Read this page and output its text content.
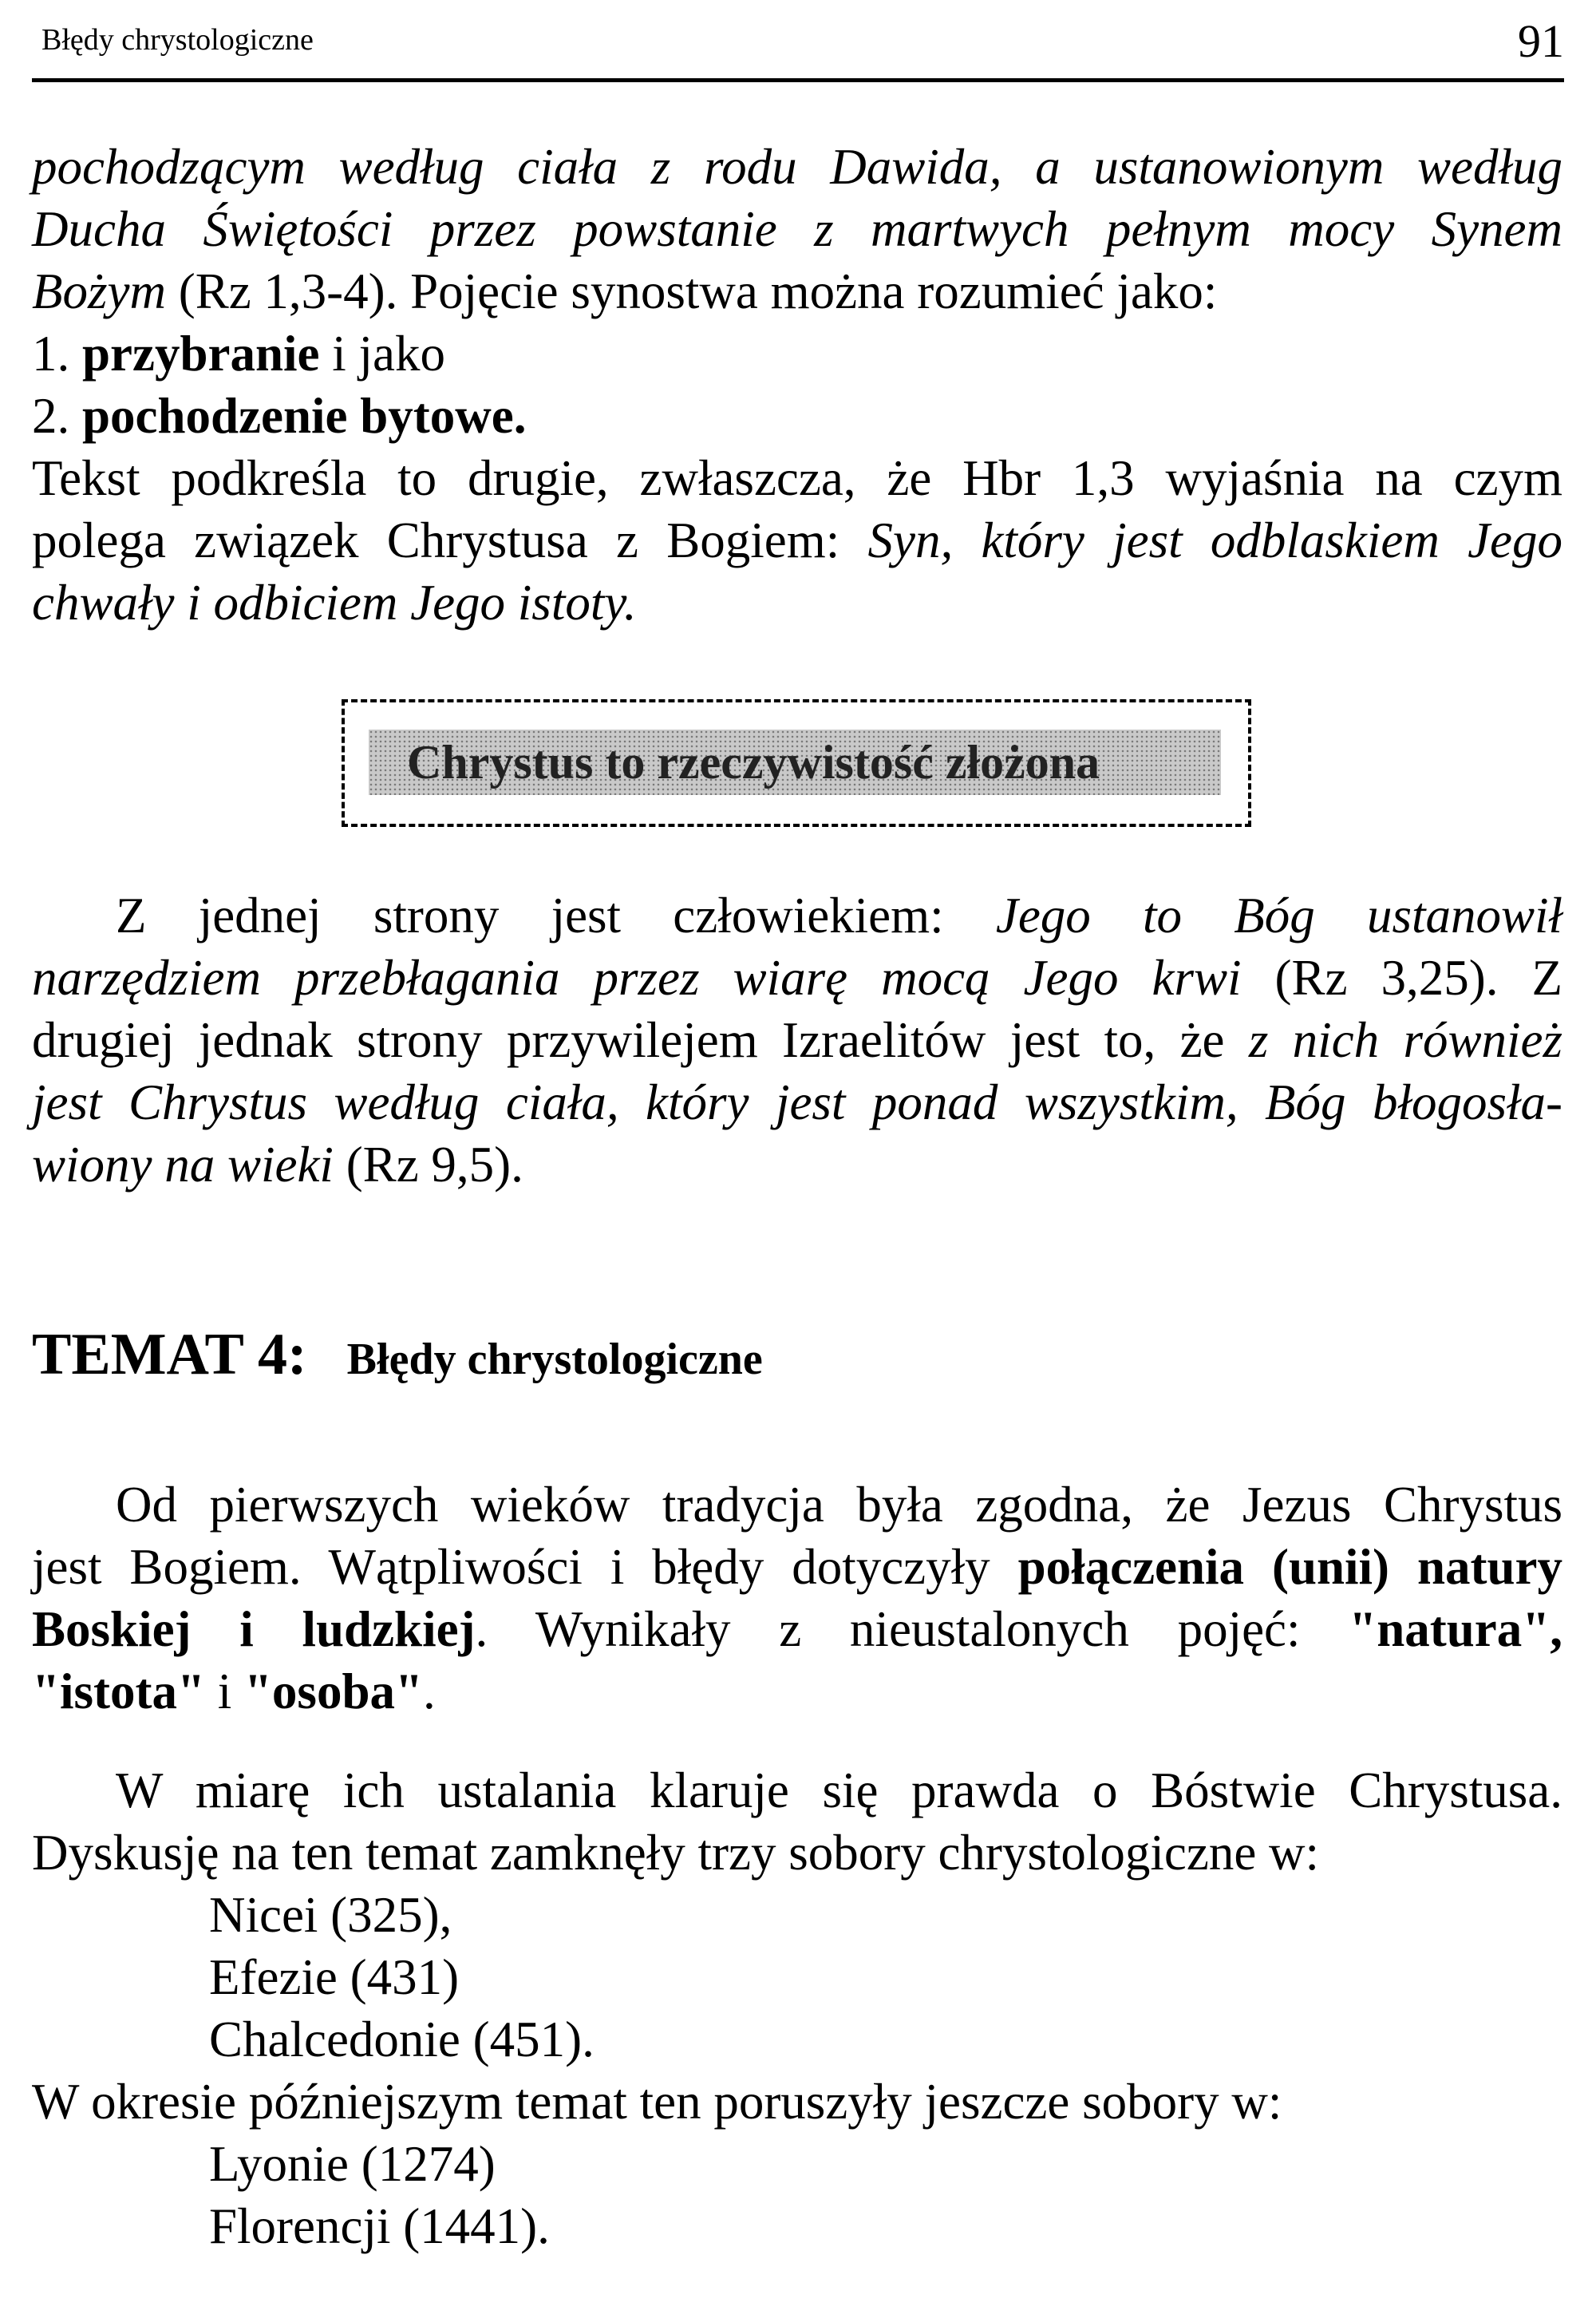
Błędy chrystologiczne	91

pochodzącym według ciała z rodu Dawida, a ustanowionym według

Ducha Świętości przez powstanie z martwych pełnym mocy Synem

Bożym (Rz 1,3-4). Pojęcie synostwa można rozumieć jako:

1. przybranie i jako

2. pochodzenie bytowe.

Tekst podkreśla to drugie, zwłaszcza, że Hbr 1,3 wyjaśnia na czym

polega związek Chrystusa z Bogiem: Syn, który jest odblaskiem Jego

chwały i odbiciem Jego istoty.

Chrystus to rzeczywistość złożona

Z jednej strony jest człowiekiem: Jego to Bóg ustanowił

narzędziem przebłagania przez wiarę mocą Jego krwi (Rz 3,25). Z

drugiej jednak strony przywilejem Izraelitów jest to, że z nich również

jest Chrystus według ciała, który jest ponad wszystkim, Bóg błogosła-

wiony na wieki (Rz 9,5).

TEMAT 4: Błędy chrystologiczne

Od pierwszych wieków tradycja była zgodna, że Jezus Chrystus

jest Bogiem. Wątpliwości i błędy dotyczyły połączenia (unii) natury

Boskiej i ludzkiej. Wynikały z nieustalonych pojęć: "natura",

"istota" i "osoba".

W miarę ich ustalania klaruje się prawda o Bóstwie Chrystusa.

Dyskusję na ten temat zamknęły trzy sobory chrystologiczne w:

Nicei (325),

Efezie (431)

Chalcedonie (451).

W okresie późniejszym temat ten poruszyły jeszcze sobory w:

Lyonie (1274)

Florencji (1441).
